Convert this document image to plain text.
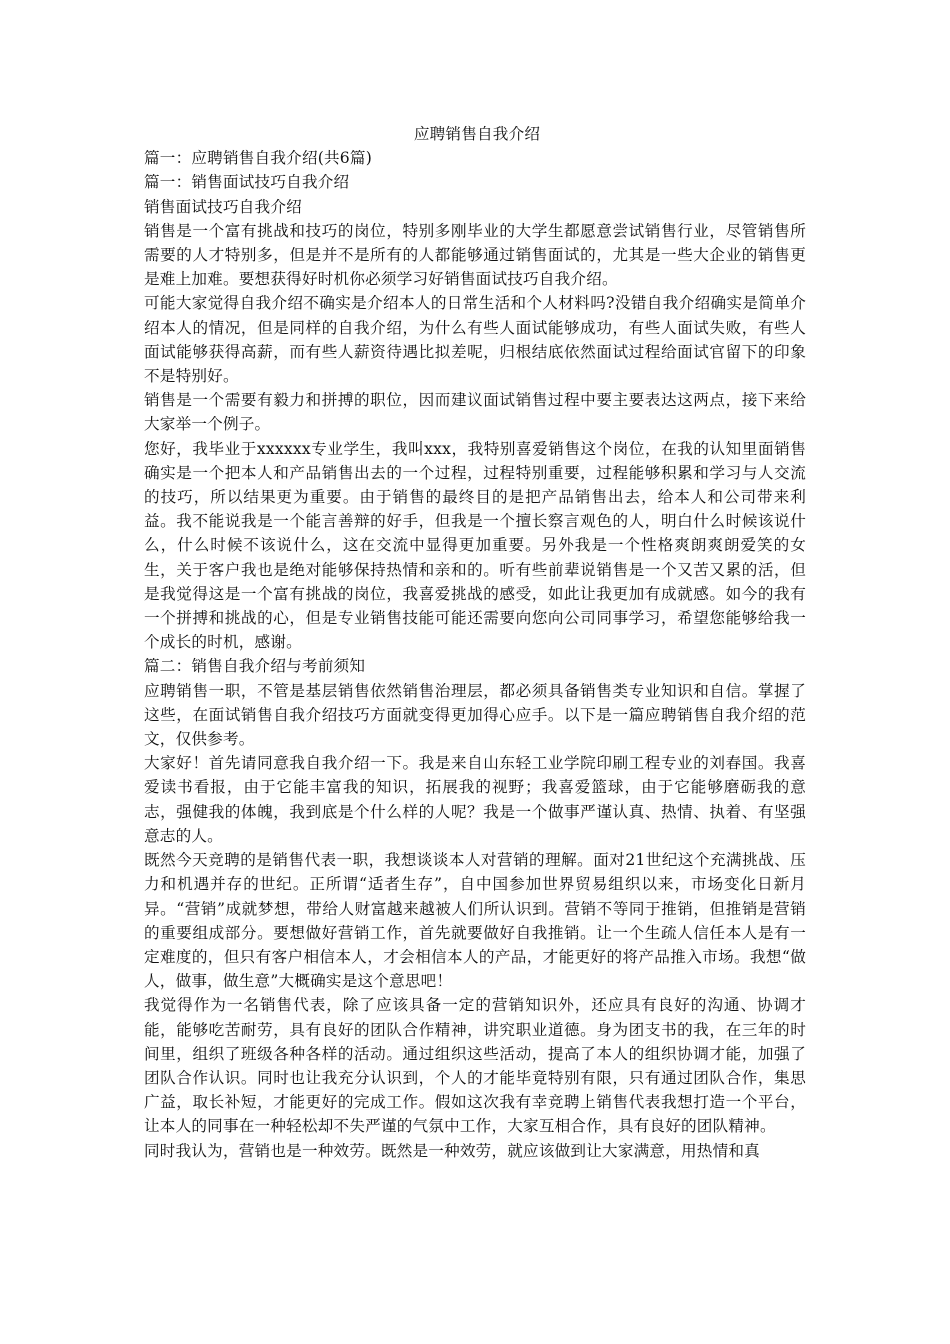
应聘销售自我介绍

篇一：应聘销售自我介绍(共6篇)

篇一：销售面试技巧自我介绍

销售面试技巧自我介绍

销售是一个富有挑战和技巧的岗位，特别多刚毕业的大学生都愿意尝试销售行业，尽管销售所需要的人才特别多，但是并不是所有的人都能够通过销售面试的，尤其是一些大企业的销售更是难上加难。要想获得好时机你必须学习好销售面试技巧自我介绍。

可能大家觉得自我介绍不确实是介绍本人的日常生活和个人材料吗?没错自我介绍确实是简单介绍本人的情况，但是同样的自我介绍，为什么有些人面试能够成功，有些人面试失败，有些人面试能够获得高薪，而有些人薪资待遇比拟差呢，归根结底依然面试过程给面试官留下的印象不是特别好。

销售是一个需要有毅力和拼搏的职位，因而建议面试销售过程中要主要表达这两点，接下来给大家举一个例子。

您好，我毕业于xxxxxx专业学生，我叫xxx，我特别喜爱销售这个岗位，在我的认知里面销售确实是一个把本人和产品销售出去的一个过程，过程特别重要，过程能够积累和学习与人交流的技巧，所以结果更为重要。由于销售的最终目的是把产品销售出去，给本人和公司带来利益。我不能说我是一个能言善辩的好手，但我是一个擅长察言观色的人，明白什么时候该说什么，什么时候不该说什么，这在交流中显得更加重要。另外我是一个性格爽朗爽朗爱笑的女生，关于客户我也是绝对能够保持热情和亲和的。听有些前辈说销售是一个又苦又累的活，但是我觉得这是一个富有挑战的岗位，我喜爱挑战的感受，如此让我更加有成就感。如今的我有一个拼搏和挑战的心，但是专业销售技能可能还需要向您向公司同事学习，希望您能够给我一个成长的时机，感谢。

篇二：销售自我介绍与考前须知

应聘销售一职，不管是基层销售依然销售治理层，都必须具备销售类专业知识和自信。掌握了这些，在面试销售自我介绍技巧方面就变得更加得心应手。以下是一篇应聘销售自我介绍的范文，仅供参考。

大家好！首先请同意我自我介绍一下。我是来自山东轻工业学院印刷工程专业的刘春国。我喜爱读书看报，由于它能丰富我的知识，拓展我的视野；我喜爱篮球，由于它能够磨砺我的意志，强健我的体魄，我到底是个什么样的人呢？我是一个做事严谨认真、热情、执着、有坚强意志的人。

既然今天竞聘的是销售代表一职，我想谈谈本人对营销的理解。面对21世纪这个充满挑战、压力和机遇并存的世纪。正所谓“适者生存”，自中国参加世界贸易组织以来，市场变化日新月异。“营销”成就梦想，带给人财富越来越被人们所认识到。营销不等同于推销，但推销是营销的重要组成部分。要想做好营销工作，首先就要做好自我推销。让一个生疏人信任本人是有一定难度的，但只有客户相信本人，才会相信本人的产品，才能更好的将产品推入市场。我想“做人，做事，做生意”大概确实是这个意思吧！

我觉得作为一名销售代表，除了应该具备一定的营销知识外，还应具有良好的沟通、协调才能，能够吃苦耐劳，具有良好的团队合作精神，讲究职业道德。身为团支书的我，在三年的时间里，组织了班级各种各样的活动。通过组织这些活动，提高了本人的组织协调才能，加强了团队合作认识。同时也让我充分认识到，个人的才能毕竟特别有限，只有通过团队合作，集思广益，取长补短，才能更好的完成工作。假如这次我有幸竞聘上销售代表我想打造一个平台，让本人的同事在一种轻松却不失严谨的气氛中工作，大家互相合作，具有良好的团队精神。

同时我认为，营销也是一种效劳。既然是一种效劳，就应该做到让大家满意，用热情和真
